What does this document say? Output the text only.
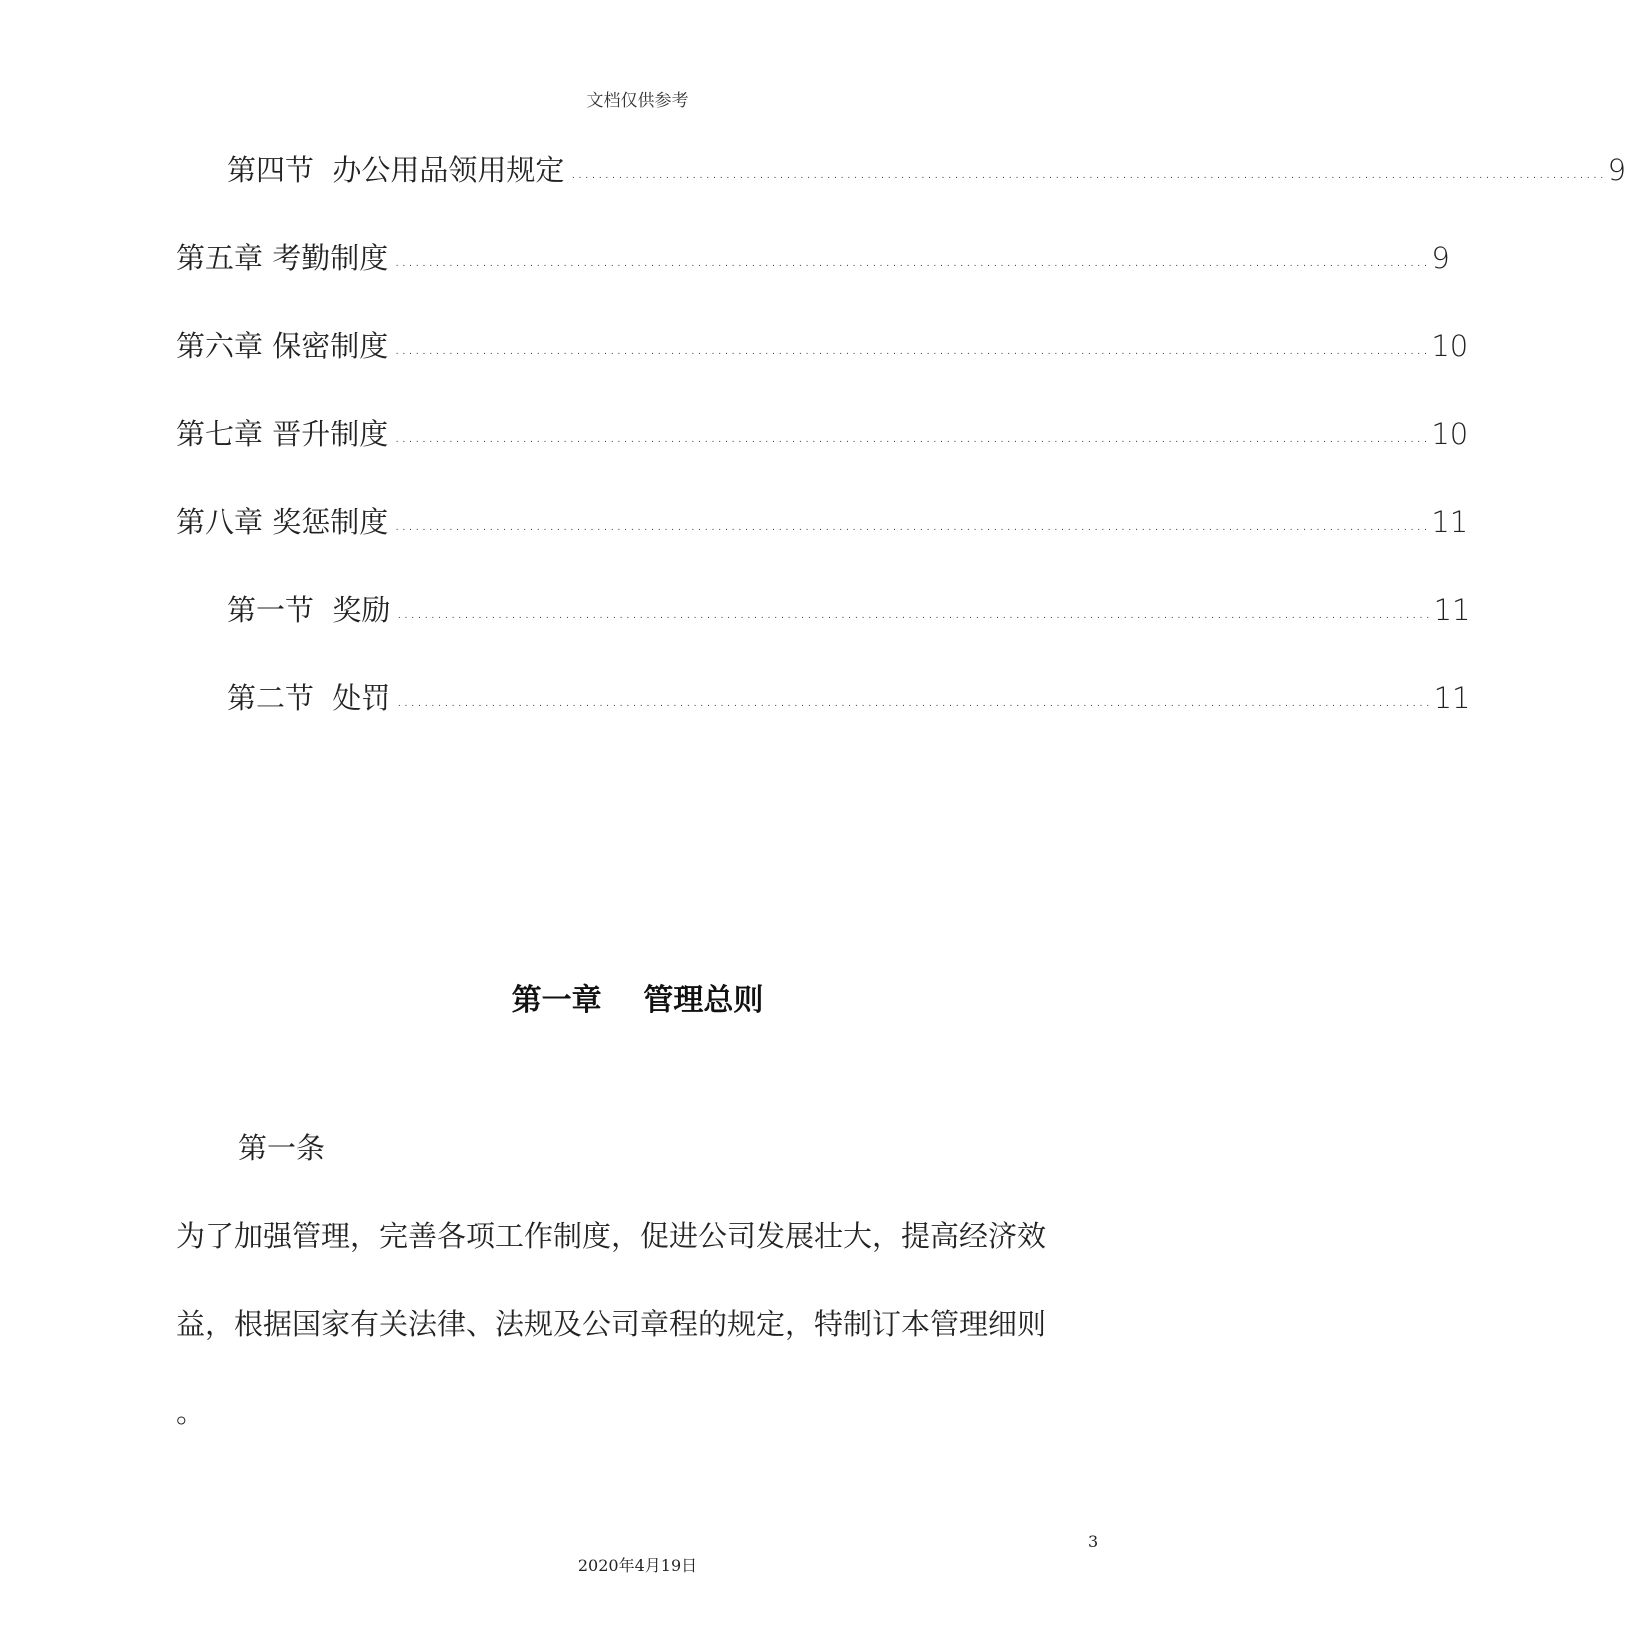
文档仅供参考
第四节  办公用品领用规定 .......................................................................................................................................................... 9
第五章 考勤制度 .......................................................................................................................................................... 9
第六章 保密制度 .......................................................................................................................................................... 10
第七章 晋升制度 .......................................................................................................................................................... 10
第八章 奖惩制度 .......................................................................................................................................................... 11
第一节  奖励 .......................................................................................................................................................... 11
第二节  处罚 .......................................................................................................................................................... 11
第一章    管理总则
第一条
为了加强管理，完善各项工作制度，促进公司发展壮大，提高经济效
益，根据国家有关法律、法规及公司章程的规定，特制订本管理细则
。
3
2020年4月19日
